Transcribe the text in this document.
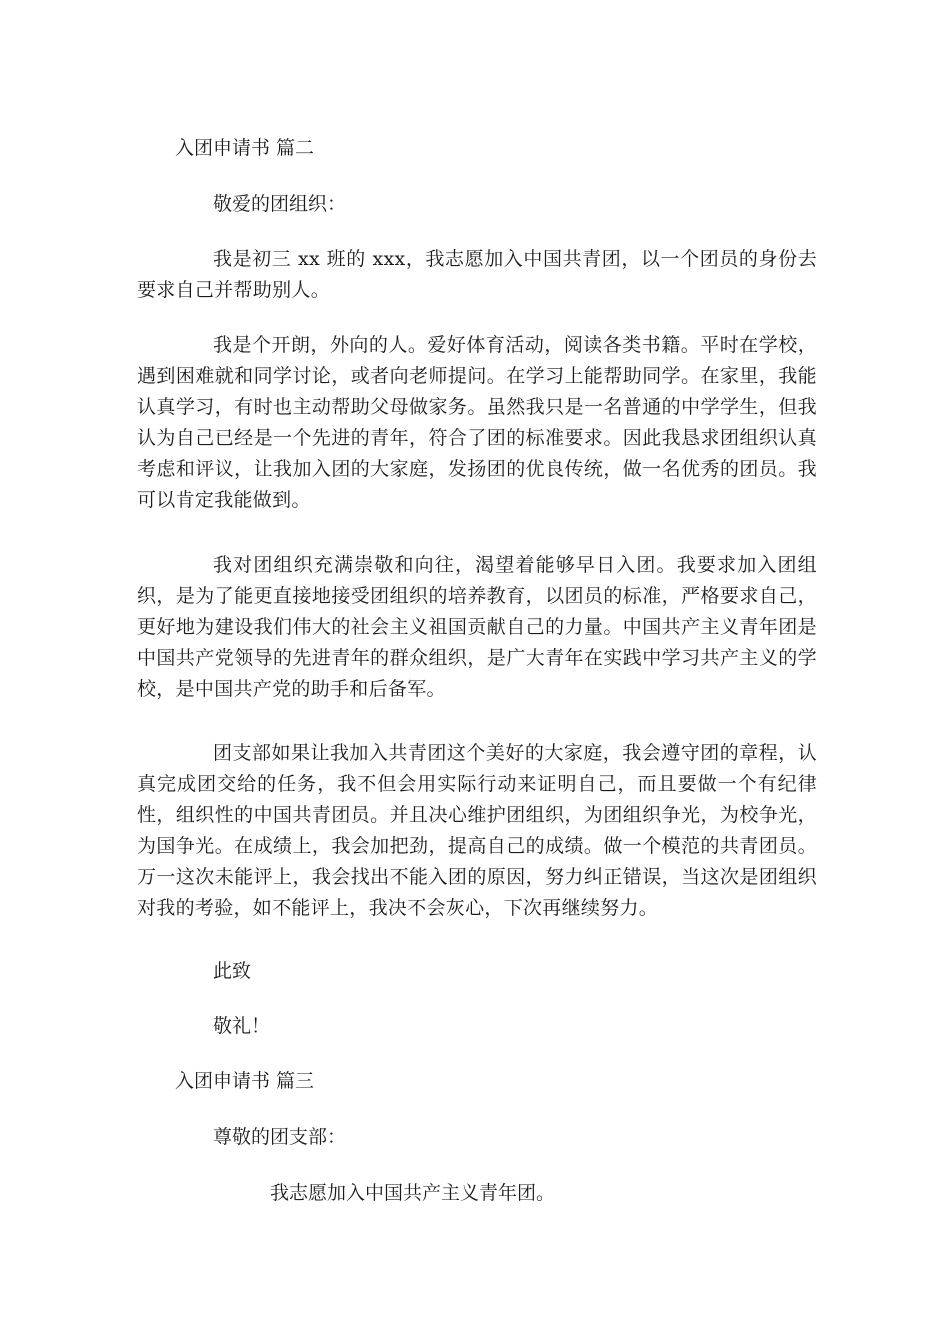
入团申请书 篇二

敬爱的团组织：

我是初三 xx 班的 xxx，我志愿加入中国共青团，以一个团员的身份去要求自己并帮助别人。

我是个开朗，外向的人。爱好体育活动，阅读各类书籍。平时在学校，遇到困难就和同学讨论，或者向老师提问。在学习上能帮助同学。在家里，我能认真学习，有时也主动帮助父母做家务。虽然我只是一名普通的中学学生，但我认为自己已经是一个先进的青年，符合了团的标准要求。因此我恳求团组织认真考虑和评议，让我加入团的大家庭，发扬团的优良传统，做一名优秀的团员。我可以肯定我能做到。

我对团组织充满崇敬和向往，渴望着能够早日入团。我要求加入团组织，是为了能更直接地接受团组织的培养教育，以团员的标准，严格要求自己，更好地为建设我们伟大的社会主义祖国贡献自己的力量。中国共产主义青年团是中国共产党领导的先进青年的群众组织，是广大青年在实践中学习共产主义的学校，是中国共产党的助手和后备军。

团支部如果让我加入共青团这个美好的大家庭，我会遵守团的章程，认真完成团交给的任务，我不但会用实际行动来证明自己，而且要做一个有纪律性，组织性的中国共青团员。并且决心维护团组织，为团组织争光，为校争光，为国争光。在成绩上，我会加把劲，提高自己的成绩。做一个模范的共青团员。万一这次未能评上，我会找出不能入团的原因，努力纠正错误，当这次是团组织对我的考验，如不能评上，我决不会灰心，下次再继续努力。

此致

敬礼！

入团申请书 篇三

尊敬的团支部：

我志愿加入中国共产主义青年团。
